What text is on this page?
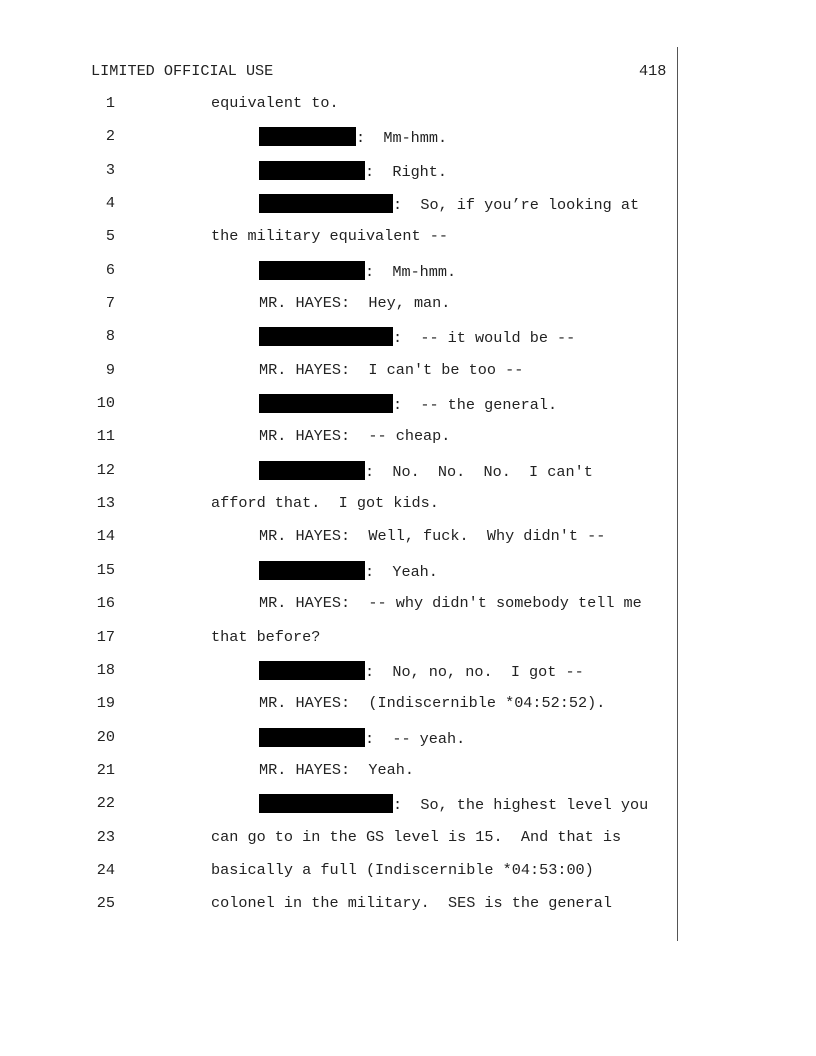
LIMITED OFFICIAL USE	418
1	equivalent to.
2	:  Mm-hmm.
3	:  Right.
4	:  So, if you’re looking at
5	the military equivalent --
6	:  Mm-hmm.
7	MR. HAYES:  Hey, man.
8	:  -- it would be --
9	MR. HAYES:  I can't be too --
10	:  -- the general.
11	MR. HAYES:  -- cheap.
12	:  No.  No.  No.  I can't
13	afford that.  I got kids.
14	MR. HAYES:  Well, fuck.  Why didn't --
15	:  Yeah.
16	MR. HAYES:  -- why didn't somebody tell me
17	that before?
18	:  No, no, no.  I got --
19	MR. HAYES:  (Indiscernible *04:52:52).
20	:  -- yeah.
21	MR. HAYES:  Yeah.
22	:  So, the highest level you
23	can go to in the GS level is 15.  And that is
24	basically a full (Indiscernible *04:53:00)
25	colonel in the military.  SES is the general
